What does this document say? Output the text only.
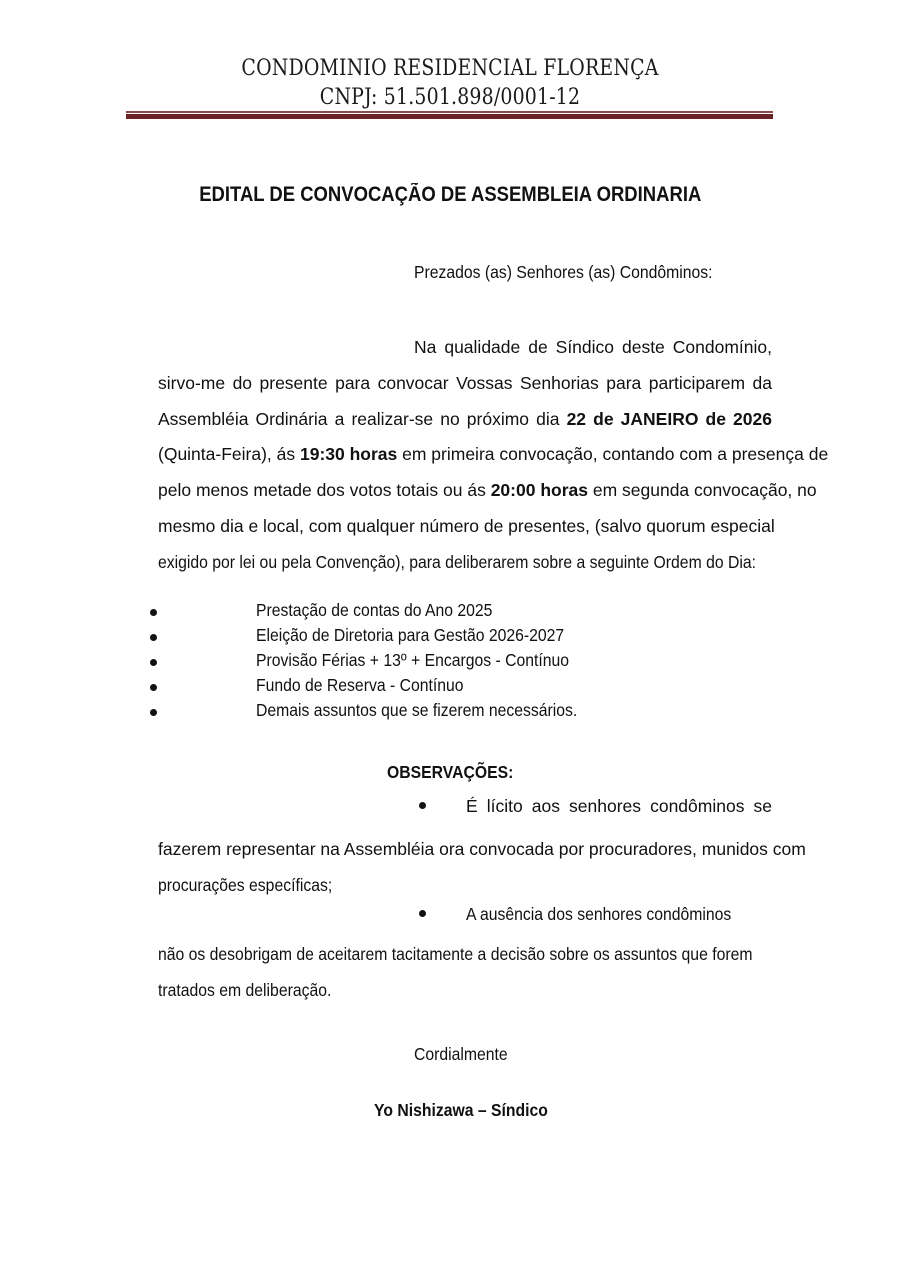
CONDOMINIO RESIDENCIAL FLORENÇA
CNPJ: 51.501.898/0001-12
EDITAL DE CONVOCAÇÃO DE ASSEMBLEIA ORDINARIA
Prezados (as) Senhores (as) Condôminos:
Na qualidade de Síndico deste Condomínio,
sirvo-me do presente para convocar Vossas Senhorias para participarem da
Assembléia Ordinária a realizar-se no próximo dia 22 de JANEIRO de 2026
(Quinta-Feira), ás 19:30 horas em primeira convocação, contando com a presença de
pelo menos metade dos votos totais ou ás 20:00 horas em segunda convocação, no
mesmo dia e local, com qualquer número de presentes, (salvo quorum especial
exigido por lei ou pela Convenção), para deliberarem sobre a seguinte Ordem do Dia:
Prestação de contas do Ano 2025
Eleição de Diretoria para Gestão 2026-2027
Provisão Férias + 13º + Encargos - Contínuo
Fundo de Reserva - Contínuo
Demais assuntos que se fizerem necessários.
OBSERVAÇÕES:
É lícito aos senhores condôminos se
fazerem representar na Assembléia ora convocada por procuradores, munidos com
procurações específicas;
A ausência dos senhores condôminos
não os desobrigam de aceitarem tacitamente a decisão sobre os assuntos que forem
tratados em deliberação.
Cordialmente

Yo Nishizawa – Síndico
